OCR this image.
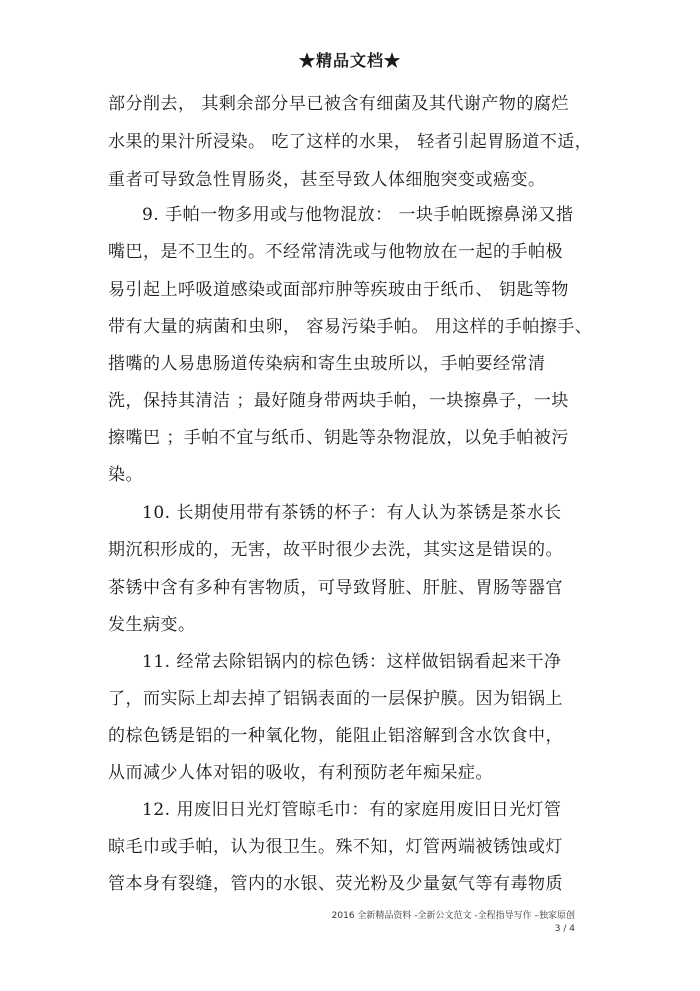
★精品文档★
部分削去， 其剩余部分早已被含有细菌及其代谢产物的腐烂
水果的果汁所浸染。 吃了这样的水果， 轻者引起胃肠道不适，
重者可导致急性胃肠炎，甚至导致人体细胞突变或癌变。
9. 手帕一物多用或与他物混放： 一块手帕既擦鼻涕又揩
嘴巴，是不卫生的。不经常清洗或与他物放在一起的手帕极
易引起上呼吸道感染或面部疖肿等疾玻由于纸币、 钥匙等物
带有大量的病菌和虫卵， 容易污染手帕。 用这样的手帕擦手、
揩嘴的人易患肠道传染病和寄生虫玻所以，手帕要经常清
洗，保持其清洁 ；最好随身带两块手帕，一块擦鼻子，一块
擦嘴巴 ；手帕不宜与纸币、钥匙等杂物混放，以免手帕被污
染。
10. 长期使用带有茶锈的杯子：有人认为茶锈是茶水长
期沉积形成的，无害，故平时很少去洗，其实这是错误的。
茶锈中含有多种有害物质，可导致肾脏、肝脏、胃肠等器官
发生病变。
11. 经常去除铝锅内的棕色锈：这样做铝锅看起来干净
了，而实际上却去掉了铝锅表面的一层保护膜。因为铝锅上
的棕色锈是铝的一种氧化物，能阻止铝溶解到含水饮食中，
从而减少人体对铝的吸收，有利预防老年痴呆症。
12. 用废旧日光灯管晾毛巾：有的家庭用废旧日光灯管
晾毛巾或手帕，认为很卫生。殊不知，灯管两端被锈蚀或灯
管本身有裂缝，管内的水银、荧光粉及少量氨气等有毒物质
2016 全新精品资料 -全新公文范文 -全程指导写作 –独家原创
3 / 4
